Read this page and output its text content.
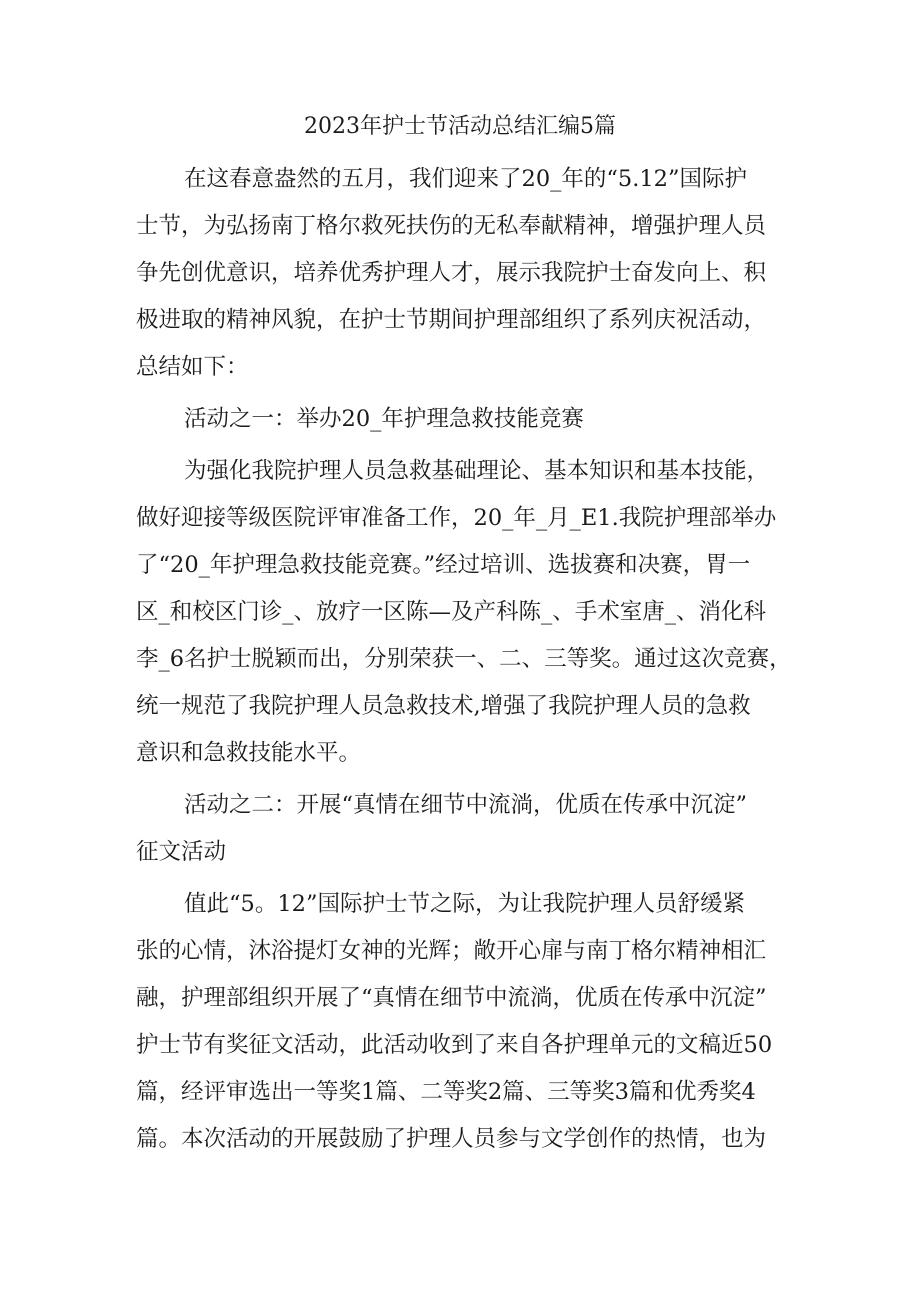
2023年护士节活动总结汇编5篇
在这春意盎然的五月，我们迎来了20_年的“5.12”国际护
士节，为弘扬南丁格尔救死扶伤的无私奉献精神，增强护理人员
争先创优意识，培养优秀护理人才，展示我院护士奋发向上、积
极进取的精神风貌，在护士节期间护理部组织了系列庆祝活动，
总结如下：
活动之一：举办20_年护理急救技能竞赛
为强化我院护理人员急救基础理论、基本知识和基本技能，
做好迎接等级医院评审准备工作，20_年_月_E1.我院护理部举办
了“20_年护理急救技能竞赛。”经过培训、选拔赛和决赛，胃一
区_和校区门诊_、放疗一区陈—及产科陈_、手术室唐_、消化科
李_6名护士脱颖而出，分别荣获一、二、三等奖。通过这次竞赛，
统一规范了我院护理人员急救技术,增强了我院护理人员的急救
意识和急救技能水平。
活动之二：开展“真情在细节中流淌，优质在传承中沉淀”
征文活动
值此“5。12”国际护士节之际，为让我院护理人员舒缓紧
张的心情，沐浴提灯女神的光辉；敞开心扉与南丁格尔精神相汇
融，护理部组织开展了“真情在细节中流淌，优质在传承中沉淀”
护士节有奖征文活动，此活动收到了来自各护理单元的文稿近50
篇，经评审选出一等奖1篇、二等奖2篇、三等奖3篇和优秀奖4
篇。本次活动的开展鼓励了护理人员参与文学创作的热情，也为
